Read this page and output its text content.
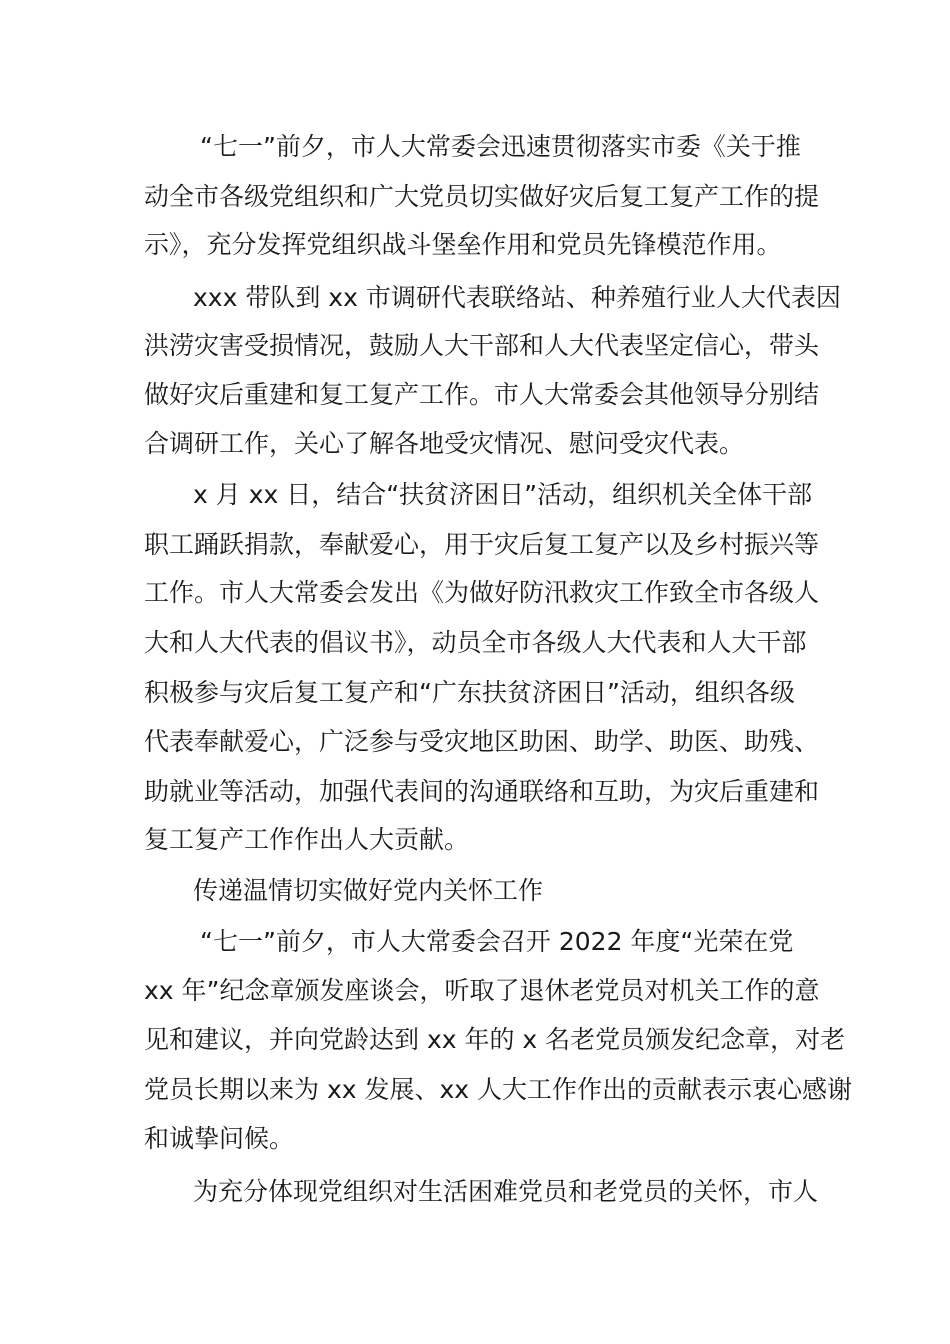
“七一”前夕，市人大常委会迅速贯彻落实市委《关于推
动全市各级党组织和广大党员切实做好灾后复工复产工作的提
示》，充分发挥党组织战斗堡垒作用和党员先锋模范作用。
xxx 带队到 xx 市调研代表联络站、种养殖行业人大代表因
洪涝灾害受损情况，鼓励人大干部和人大代表坚定信心，带头
做好灾后重建和复工复产工作。市人大常委会其他领导分别结
合调研工作，关心了解各地受灾情况、慰问受灾代表。
x 月 xx 日，结合“扶贫济困日”活动，组织机关全体干部
职工踊跃捐款，奉献爱心，用于灾后复工复产以及乡村振兴等
工作。市人大常委会发出《为做好防汛救灾工作致全市各级人
大和人大代表的倡议书》，动员全市各级人大代表和人大干部
积极参与灾后复工复产和“广东扶贫济困日”活动，组织各级
代表奉献爱心，广泛参与受灾地区助困、助学、助医、助残、
助就业等活动，加强代表间的沟通联络和互助，为灾后重建和
复工复产工作作出人大贡献。
传递温情切实做好党内关怀工作
“七一”前夕，市人大常委会召开 2022 年度“光荣在党
xx 年”纪念章颁发座谈会，听取了退休老党员对机关工作的意
见和建议，并向党龄达到 xx 年的 x 名老党员颁发纪念章，对老
党员长期以来为 xx 发展、xx 人大工作作出的贡献表示衷心感谢
和诚挚问候。
为充分体现党组织对生活困难党员和老党员的关怀，市人
